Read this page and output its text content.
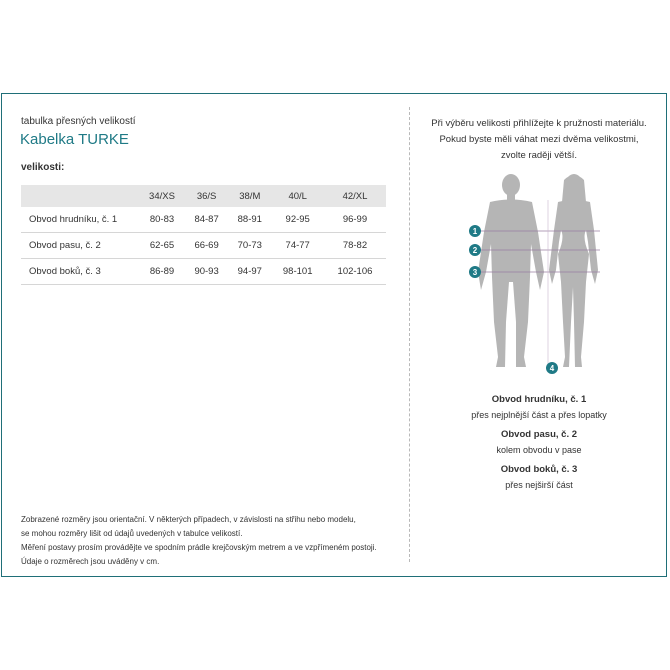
tabulka přesných velikostí
Kabelka TURKE
velikosti:
	34/XS	36/S	38/M	40/L	42/XL
Obvod hrudníku, č. 1	80-83	84-87	88-91	92-95	96-99
Obvod pasu, č. 2	62-65	66-69	70-73	74-77	78-82
Obvod boků, č. 3	86-89	90-93	94-97	98-101	102-106
Zobrazené rozměry jsou orientační. V některých případech, v závislosti na střihu nebo modelu,
se mohou rozměry lišit od údajů uvedených v tabulce velikostí.
Měření postavy prosím provádějte ve spodním prádle krejčovským metrem a ve vzpřímeném postoji.
Údaje o rozměrech jsou uváděny v cm.
Při výběru velikosti přihlížejte k pružnosti materiálu.
Pokud byste měli váhat mezi dvěma velikostmi,
zvolte raději větší.
1
2
3
4
Obvod hrudníku, č. 1
přes nejplnější část a přes lopatky
Obvod pasu, č. 2
kolem obvodu v pase
Obvod boků, č. 3
přes nejširší část
